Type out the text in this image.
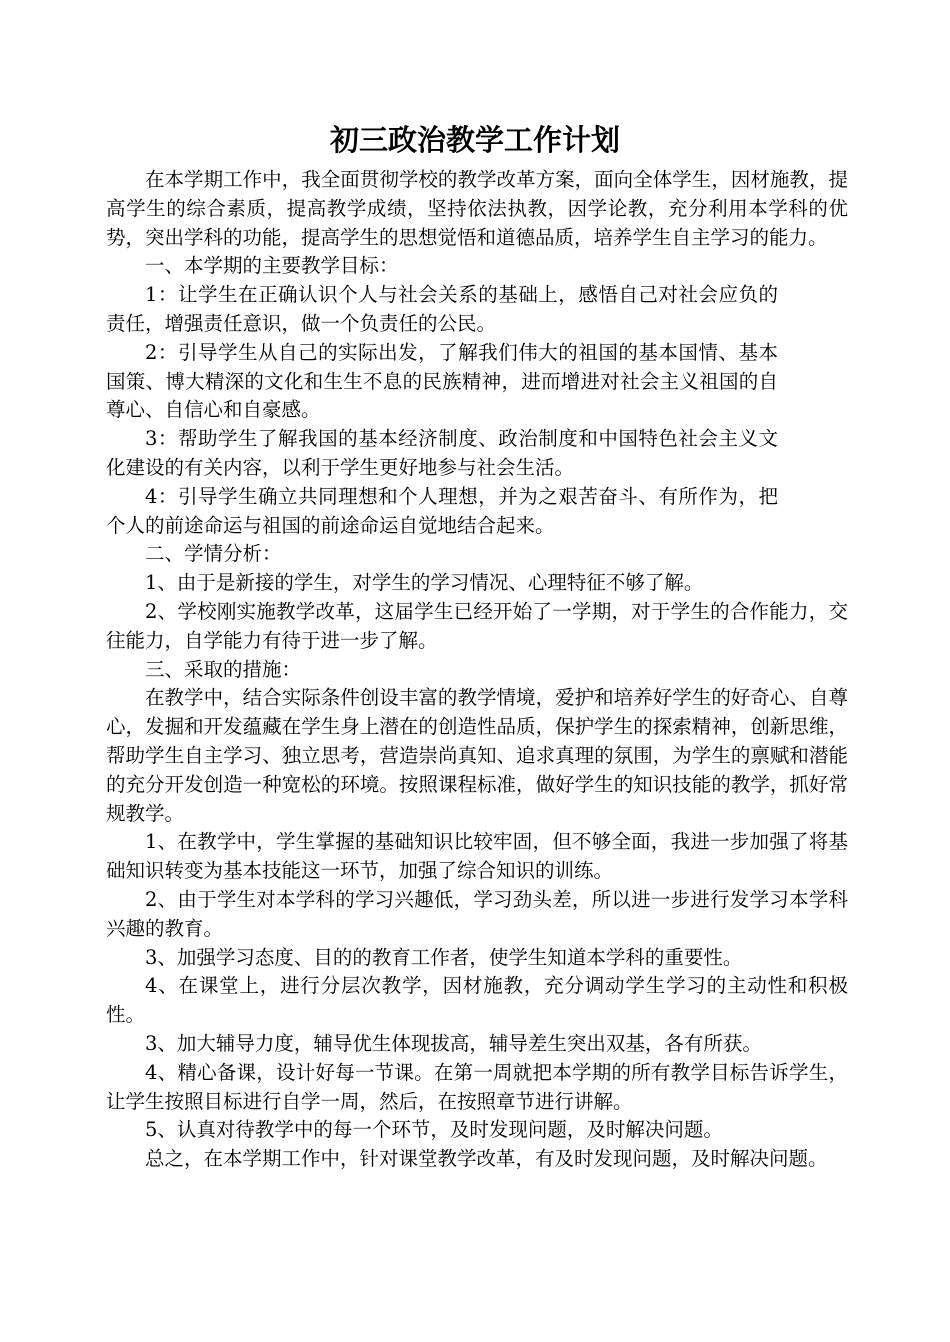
初三政治教学工作计划

在本学期工作中，我全面贯彻学校的教学改革方案，面向全体学生，因材施教，提高学生的综合素质，提高教学成绩，坚持依法执教，因学论教，充分利用本学科的优势，突出学科的功能，提高学生的思想觉悟和道德品质，培养学生自主学习的能力。

一、本学期的主要教学目标：

1：让学生在正确认识个人与社会关系的基础上，感悟自己对社会应负的责任，增强责任意识，做一个负责任的公民。

2：引导学生从自己的实际出发，了解我们伟大的祖国的基本国情、基本国策、博大精深的文化和生生不息的民族精神，进而增进对社会主义祖国的自尊心、自信心和自豪感。

3：帮助学生了解我国的基本经济制度、政治制度和中国特色社会主义文化建设的有关内容，以利于学生更好地参与社会生活。

4：引导学生确立共同理想和个人理想，并为之艰苦奋斗、有所作为，把个人的前途命运与祖国的前途命运自觉地结合起来。

二、学情分析：

1、由于是新接的学生，对学生的学习情况、心理特征不够了解。

2、学校刚实施教学改革，这届学生已经开始了一学期，对于学生的合作能力，交往能力，自学能力有待于进一步了解。

三、采取的措施：

在教学中，结合实际条件创设丰富的教学情境，爱护和培养好学生的好奇心、自尊心，发掘和开发蕴藏在学生身上潜在的创造性品质，保护学生的探索精神，创新思维，帮助学生自主学习、独立思考，营造崇尚真知、追求真理的氛围，为学生的禀赋和潜能的充分开发创造一种宽松的环境。按照课程标准，做好学生的知识技能的教学，抓好常规教学。

1、在教学中，学生掌握的基础知识比较牢固，但不够全面，我进一步加强了将基础知识转变为基本技能这一环节，加强了综合知识的训练。

2、由于学生对本学科的学习兴趣低，学习劲头差，所以进一步进行发学习本学科兴趣的教育。

3、加强学习态度、目的的教育工作者，使学生知道本学科的重要性。

4、在课堂上，进行分层次教学，因材施教，充分调动学生学习的主动性和积极性。

3、加大辅导力度，辅导优生体现拔高，辅导差生突出双基，各有所获。

4、精心备课，设计好每一节课。在第一周就把本学期的所有教学目标告诉学生，让学生按照目标进行自学一周，然后，在按照章节进行讲解。

5、认真对待教学中的每一个环节，及时发现问题，及时解决问题。

总之，在本学期工作中，针对课堂教学改革，有及时发现问题，及时解决问题。
